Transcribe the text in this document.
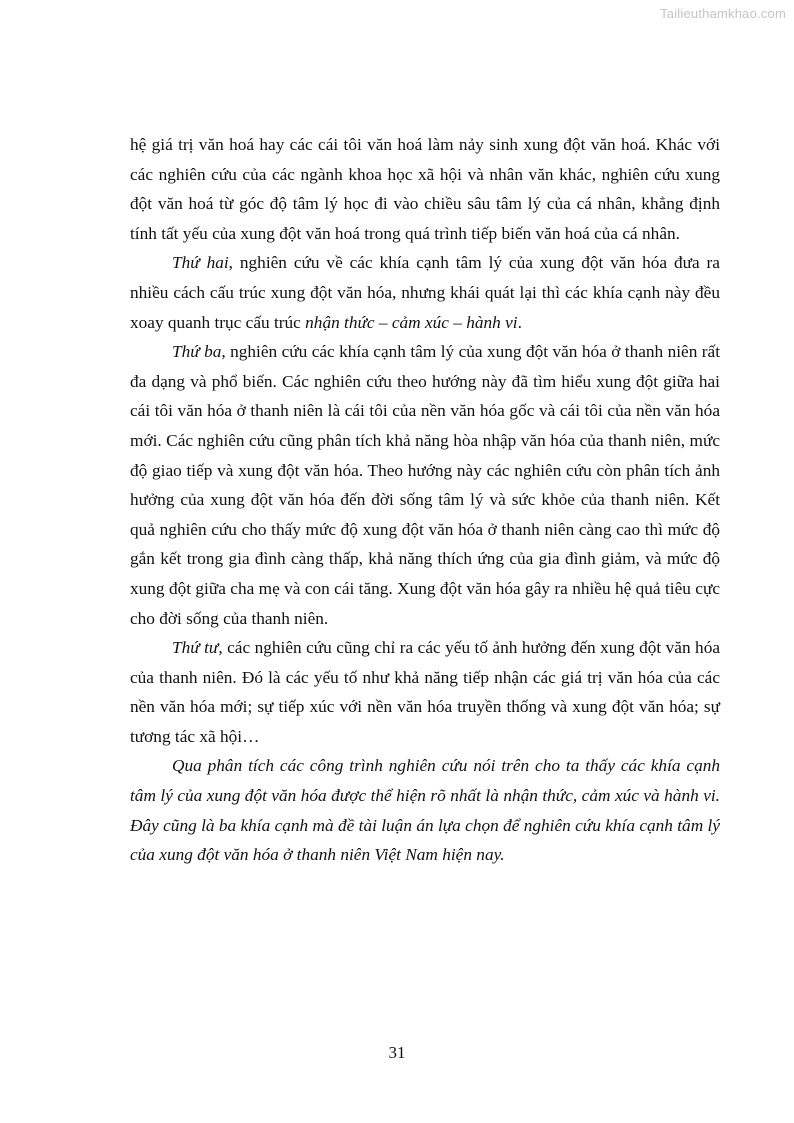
Tailieuthamkhao.com

hệ giá trị văn hoá hay các cái tôi văn hoá làm nảy sinh xung đột văn hoá. Khác với các nghiên cứu của các ngành khoa học xã hội và nhân văn khác, nghiên cứu xung đột văn hoá từ góc độ tâm lý học đi vào chiều sâu tâm lý của cá nhân, khẳng định tính tất yếu của xung đột văn hoá trong quá trình tiếp biến văn hoá của cá nhân.

Thứ hai, nghiên cứu về các khía cạnh tâm lý của xung đột văn hóa đưa ra nhiều cách cấu trúc xung đột văn hóa, nhưng khái quát lại thì các khía cạnh này đều xoay quanh trục cấu trúc nhận thức – cảm xúc – hành vi.

Thứ ba, nghiên cứu các khía cạnh tâm lý của xung đột văn hóa ở thanh niên rất đa dạng và phổ biến. Các nghiên cứu theo hướng này đã tìm hiểu xung đột giữa hai cái tôi văn hóa ở thanh niên là cái tôi của nền văn hóa gốc và cái tôi của nền văn hóa mới. Các nghiên cứu cũng phân tích khả năng hòa nhập văn hóa của thanh niên, mức độ giao tiếp và xung đột văn hóa. Theo hướng này các nghiên cứu còn phân tích ảnh hưởng của xung đột văn hóa đến đời sống tâm lý và sức khỏe của thanh niên. Kết quả nghiên cứu cho thấy mức độ xung đột văn hóa ở thanh niên càng cao thì mức độ gắn kết trong gia đình càng thấp, khả năng thích ứng của gia đình giảm, và mức độ xung đột giữa cha mẹ và con cái tăng. Xung đột văn hóa gây ra nhiều hệ quả tiêu cực cho đời sống của thanh niên.

Thứ tư, các nghiên cứu cũng chỉ ra các yếu tố ảnh hưởng đến xung đột văn hóa của thanh niên. Đó là các yếu tố như khả năng tiếp nhận các giá trị văn hóa của các nền văn hóa mới; sự tiếp xúc với nền văn hóa truyền thống và xung đột văn hóa; sự tương tác xã hội…

Qua phân tích các công trình nghiên cứu nói trên cho ta thấy các khía cạnh tâm lý của xung đột văn hóa được thể hiện rõ nhất là nhận thức, cảm xúc và hành vi. Đây cũng là ba khía cạnh mà đề tài luận án lựa chọn để nghiên cứu khía cạnh tâm lý của xung đột văn hóa ở thanh niên Việt Nam hiện nay.

31
